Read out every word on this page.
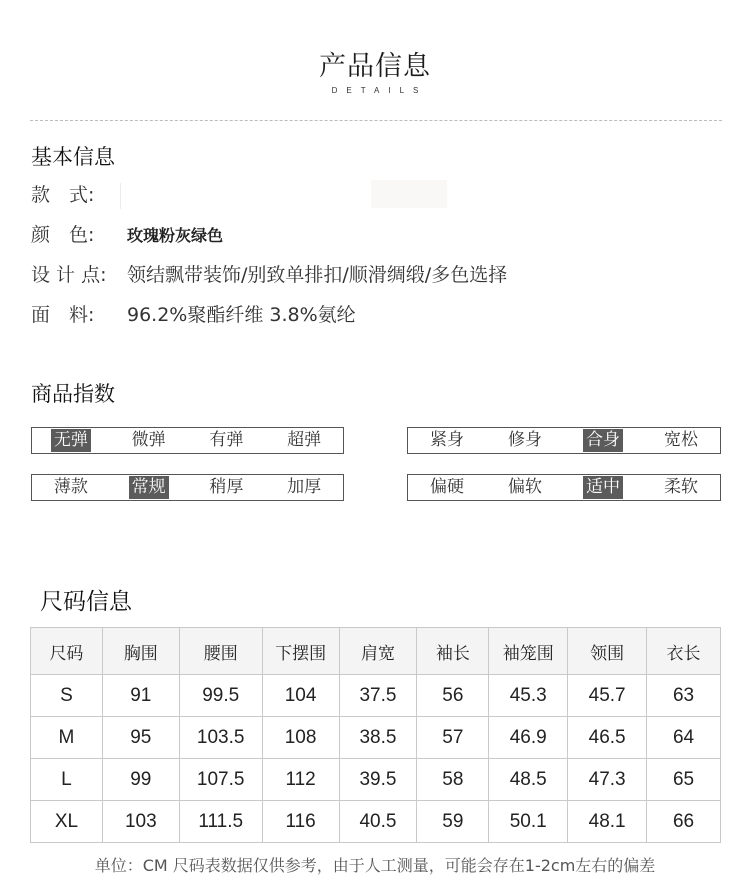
产品信息
DETAILS
基本信息
款　式:
颜　色: 玫瑰粉灰绿色
设 计 点: 领结飘带装饰/别致单排扣/顺滑绸缎/多色选择
面　料: 96.2%聚酯纤维 3.8%氨纶
商品指数
无弹	微弹	有弹	超弹	紧身	修身	合身	宽松
薄款	常规	稍厚	加厚	偏硬	偏软	适中	柔软
尺码信息
尺码	胸围	腰围	下摆围	肩宽	袖长	袖笼围	领围	衣长
S	91	99.5	104	37.5	56	45.3	45.7	63
M	95	103.5	108	38.5	57	46.9	46.5	64
L	99	107.5	112	39.5	58	48.5	47.3	65
XL	103	111.5	116	40.5	59	50.1	48.1	66
单位：CM 尺码表数据仅供参考，由于人工测量，可能会存在1-2cm左右的偏差
